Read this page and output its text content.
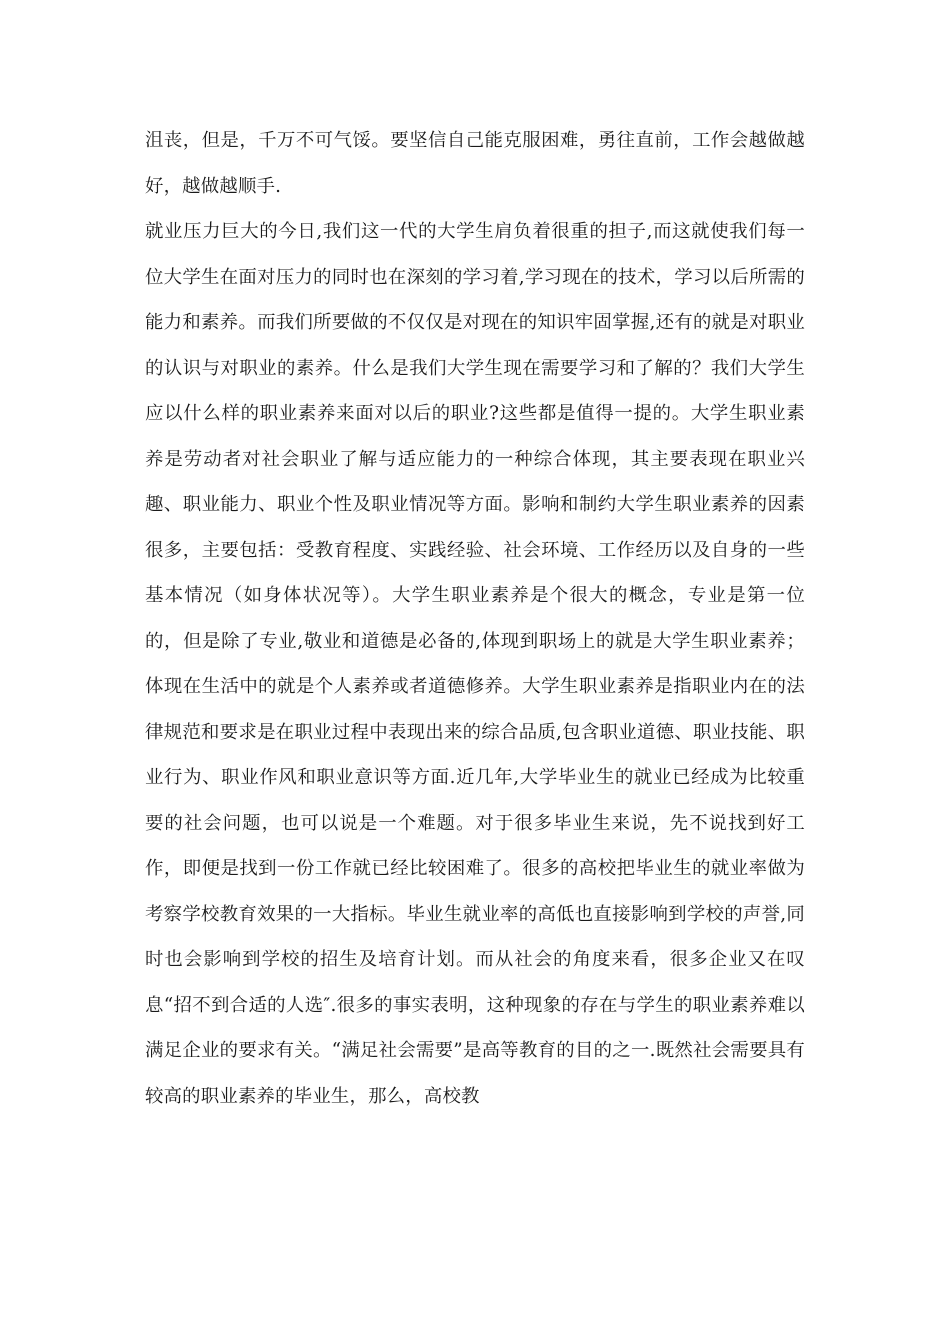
沮丧，但是，千万不可气馁。要坚信自己能克服困难，勇往直前，工作会越做越好，越做越顺手.

就业压力巨大的今日,我们这一代的大学生肩负着很重的担子,而这就使我们每一位大学生在面对压力的同时也在深刻的学习着,学习现在的技术，学习以后所需的能力和素养。而我们所要做的不仅仅是对现在的知识牢固掌握,还有的就是对职业的认识与对职业的素养。什么是我们大学生现在需要学习和了解的？我们大学生应以什么样的职业素养来面对以后的职业?这些都是值得一提的。大学生职业素养是劳动者对社会职业了解与适应能力的一种综合体现，其主要表现在职业兴趣、职业能力、职业个性及职业情况等方面。影响和制约大学生职业素养的因素很多，主要包括：受教育程度、实践经验、社会环境、工作经历以及自身的一些基本情况（如身体状况等）。大学生职业素养是个很大的概念，专业是第一位的，但是除了专业,敬业和道德是必备的,体现到职场上的就是大学生职业素养；体现在生活中的就是个人素养或者道德修养。大学生职业素养是指职业内在的法律规范和要求是在职业过程中表现出来的综合品质,包含职业道德、职业技能、职业行为、职业作风和职业意识等方面.近几年,大学毕业生的就业已经成为比较重要的社会问题，也可以说是一个难题。对于很多毕业生来说，先不说找到好工作，即便是找到一份工作就已经比较困难了。很多的高校把毕业生的就业率做为考察学校教育效果的一大指标。毕业生就业率的高低也直接影响到学校的声誉,同时也会影响到学校的招生及培育计划。而从社会的角度来看，很多企业又在叹息“招不到合适的人选″.很多的事实表明，这种现象的存在与学生的职业素养难以满足企业的要求有关。“满足社会需要”是高等教育的目的之一.既然社会需要具有较高的职业素养的毕业生，那么，高校教
